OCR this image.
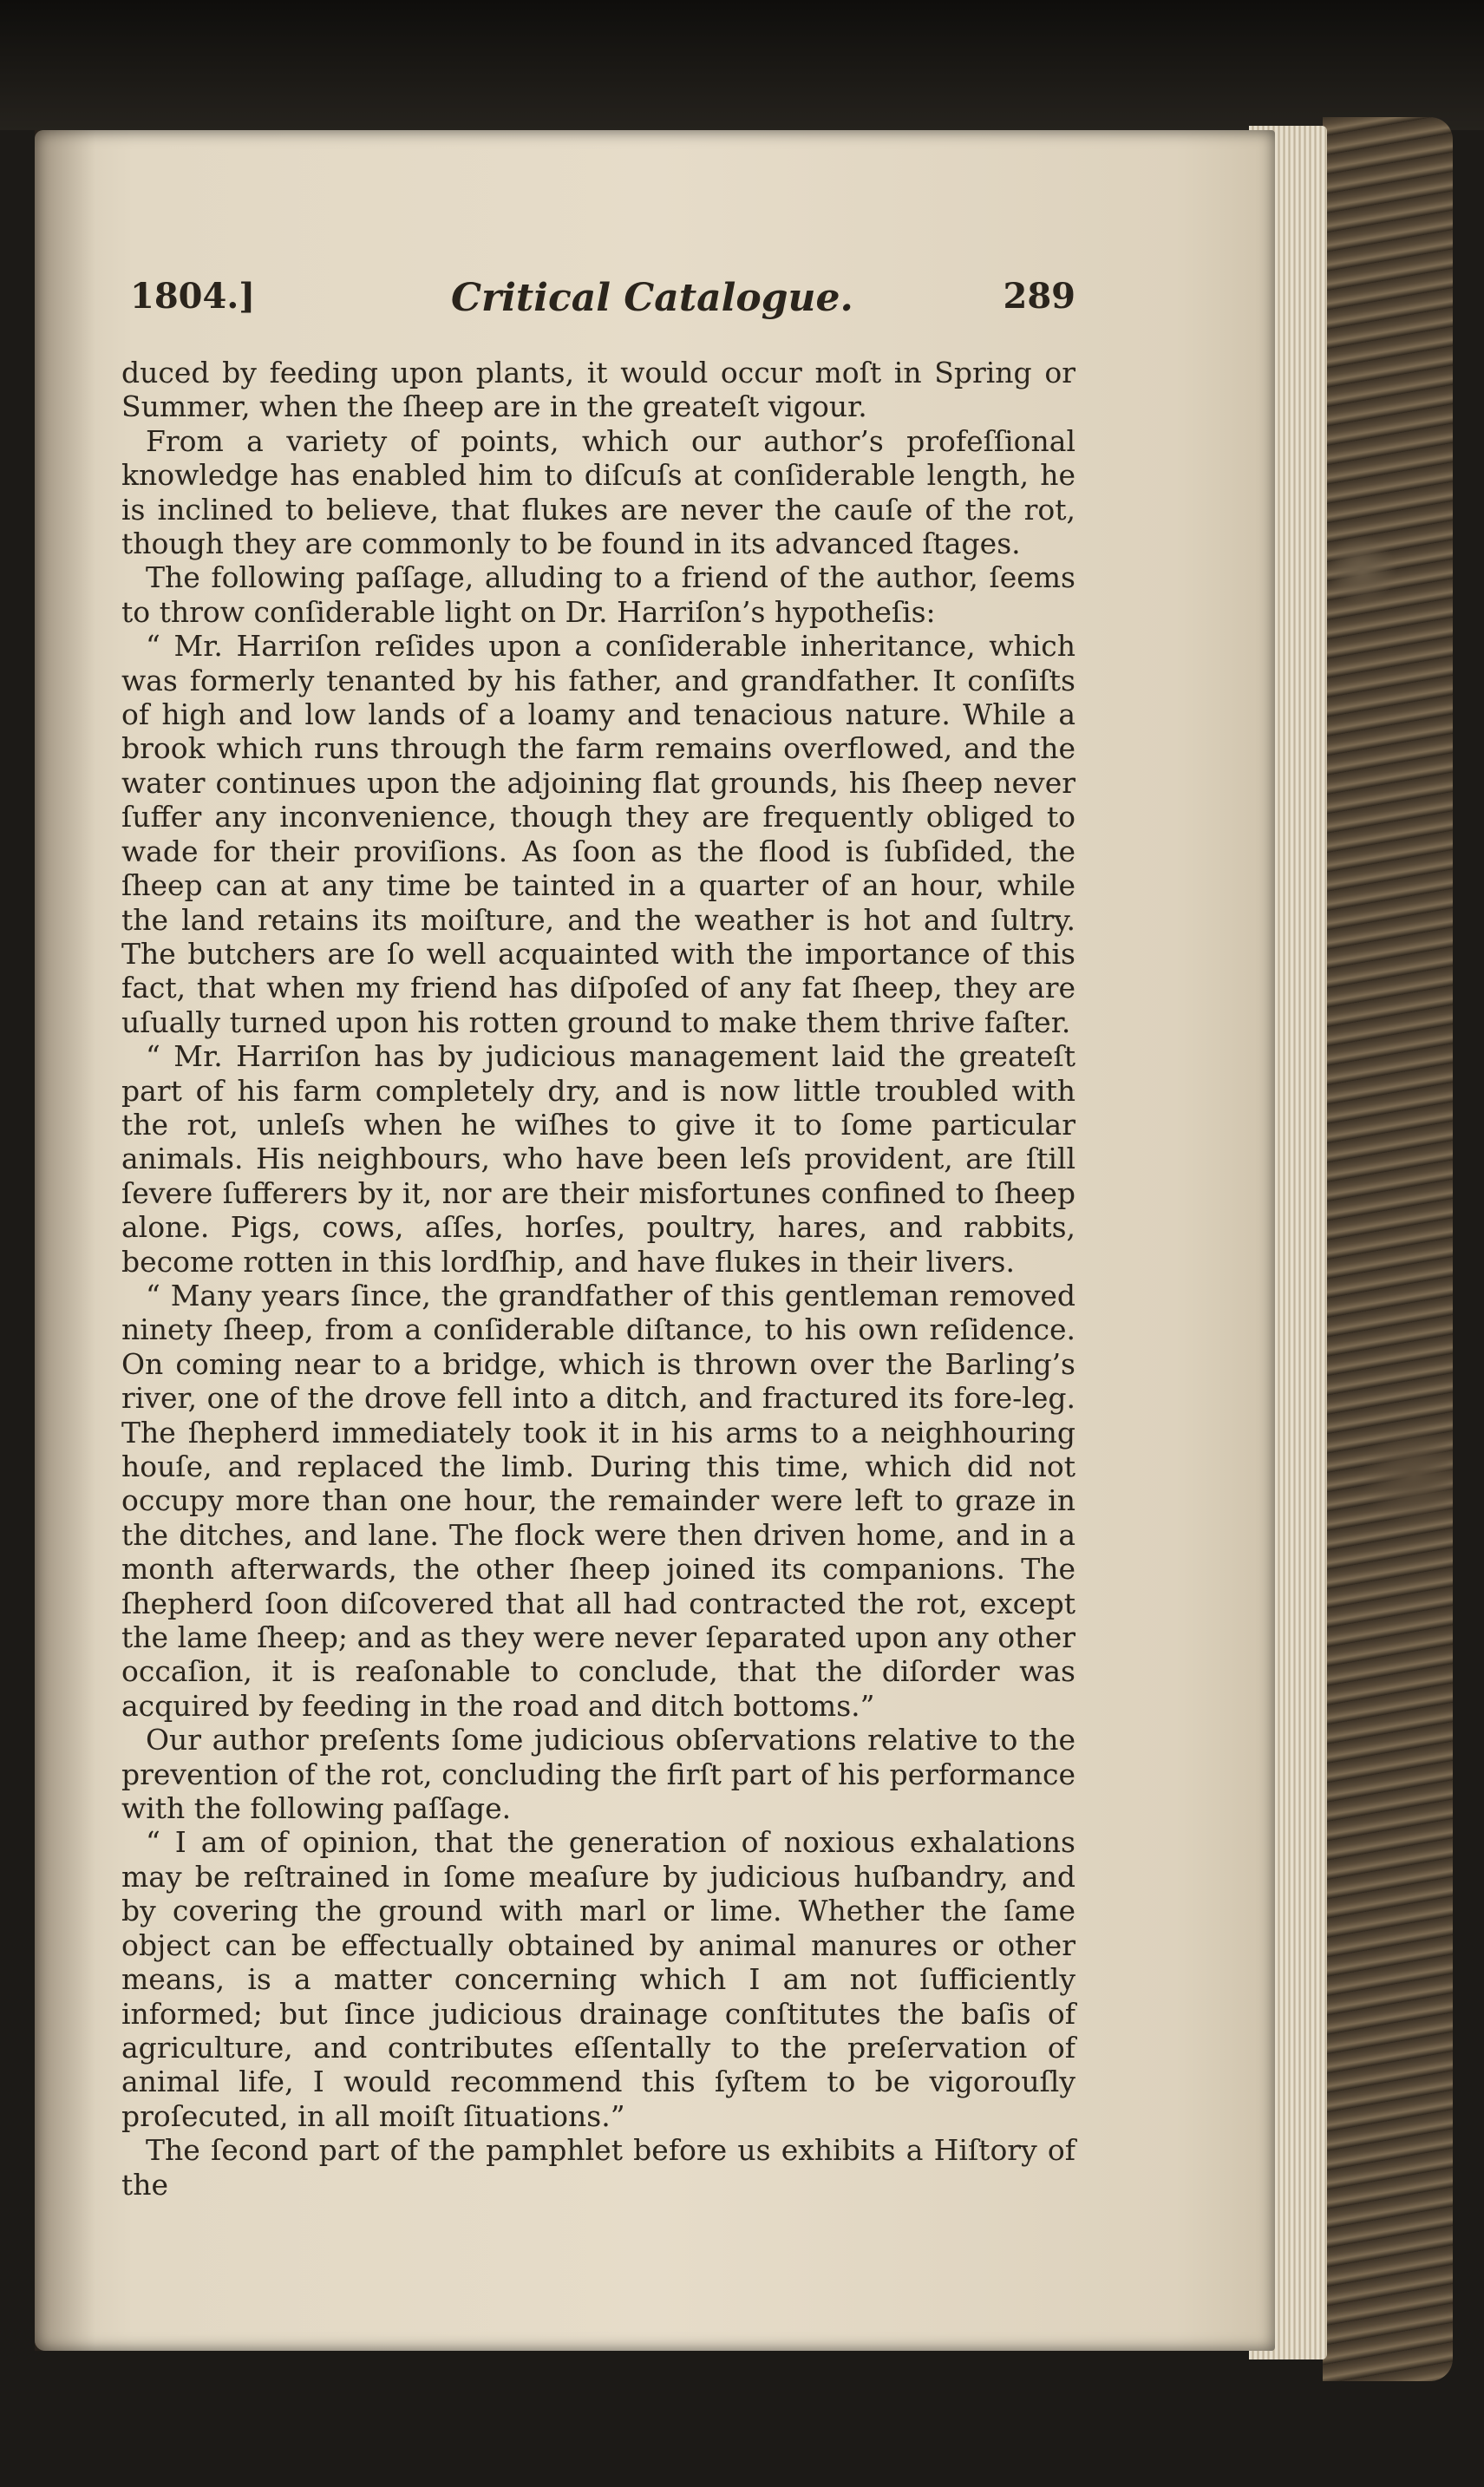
1804.]	Critical Catalogue.	289

duced by feeding upon plants, it would occur moſt in Spring or Summer, when the ſheep are in the greateſt vigour.

From a variety of points, which our author’s profeſſional knowledge has enabled him to diſcuſs at conſiderable length, he is inclined to believe, that flukes are never the cauſe of the rot, though they are commonly to be found in its advanced ſtages.

The following paſſage, alluding to a friend of the author, ſeems to throw conſiderable light on Dr. Harriſon’s hypotheſis:

“ Mr. Harriſon reſides upon a conſiderable inheritance, which was formerly tenanted by his father, and grandfather. It conſiſts of high and low lands of a loamy and tenacious nature. While a brook which runs through the farm remains overflowed, and the water continues upon the adjoining flat grounds, his ſheep never ſuffer any inconvenience, though they are frequently obliged to wade for their proviſions. As ſoon as the flood is ſubſided, the ſheep can at any time be tainted in a quarter of an hour, while the land retains its moiſture, and the weather is hot and ſultry. The butchers are ſo well acquainted with the importance of this fact, that when my friend has diſpoſed of any fat ſheep, they are uſually turned upon his rotten ground to make them thrive faſter.

“ Mr. Harriſon has by judicious management laid the greateſt part of his farm completely dry, and is now little troubled with the rot, unleſs when he wiſhes to give it to ſome particular animals. His neighbours, who have been leſs provident, are ſtill ſevere ſufferers by it, nor are their misfortunes confined to ſheep alone. Pigs, cows, aſſes, horſes, poultry, hares, and rabbits, become rotten in this lordſhip, and have flukes in their livers.

“ Many years ſince, the grandfather of this gentleman removed ninety ſheep, from a conſiderable diſtance, to his own reſidence. On coming near to a bridge, which is thrown over the Barling’s river, one of the drove fell into a ditch, and fractured its fore-leg. The ſhepherd immediately took it in his arms to a neighhouring houſe, and replaced the limb. During this time, which did not occupy more than one hour, the remainder were left to graze in the ditches, and lane. The flock were then driven home, and in a month afterwards, the other ſheep joined its companions. The ſhepherd ſoon diſcovered that all had contracted the rot, except the lame ſheep; and as they were never ſeparated upon any other occaſion, it is reaſonable to conclude, that the diſorder was acquired by feeding in the road and ditch bottoms.”

Our author preſents ſome judicious obſervations relative to the prevention of the rot, concluding the firſt part of his performance with the following paſſage.

“ I am of opinion, that the generation of noxious exhalations may be reſtrained in ſome meaſure by judicious huſbandry, and by covering the ground with marl or lime. Whether the ſame object can be effectually obtained by animal manures or other means, is a matter concerning which I am not ſufficiently informed; but ſince judicious drainage conſtitutes the baſis of agriculture, and contributes eſſentally to the preſervation of animal life, I would recommend this ſyſtem to be vigorouſly proſecuted, in all moiſt ſituations.”

The ſecond part of the pamphlet before us exhibits a Hiſtory of the
